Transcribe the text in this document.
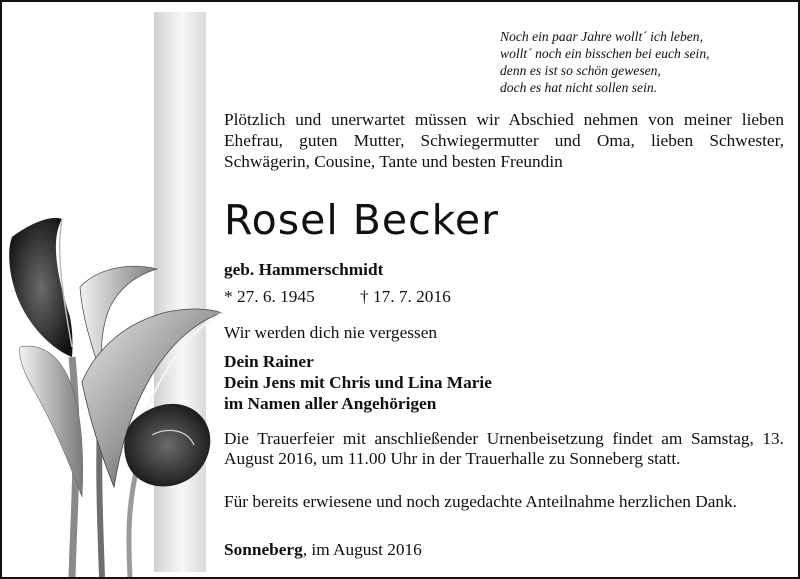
Noch ein paar Jahre wollt´ ich leben,
wollt´ noch ein bisschen bei euch sein,
denn es ist so schön gewesen,
doch es hat nicht sollen sein.
Plötzlich und unerwartet müssen wir Abschied nehmen von meiner lieben Ehefrau, guten Mutter, Schwiegermutter und Oma, lieben Schwester, Schwägerin, Cousine, Tante und besten Freundin
Rosel Becker
geb. Hammerschmidt
* 27. 6. 1945	† 17. 7. 2016
Wir werden dich nie vergessen
Dein Rainer
Dein Jens mit Chris und Lina Marie
im Namen aller Angehörigen
Die Trauerfeier mit anschließender Urnenbeisetzung findet am Samstag, 13. August 2016, um 11.00 Uhr in der Trauerhalle zu Sonneberg statt.
Für bereits erwiesene und noch zugedachte Anteilnahme herzlichen Dank.
Sonneberg, im August 2016
